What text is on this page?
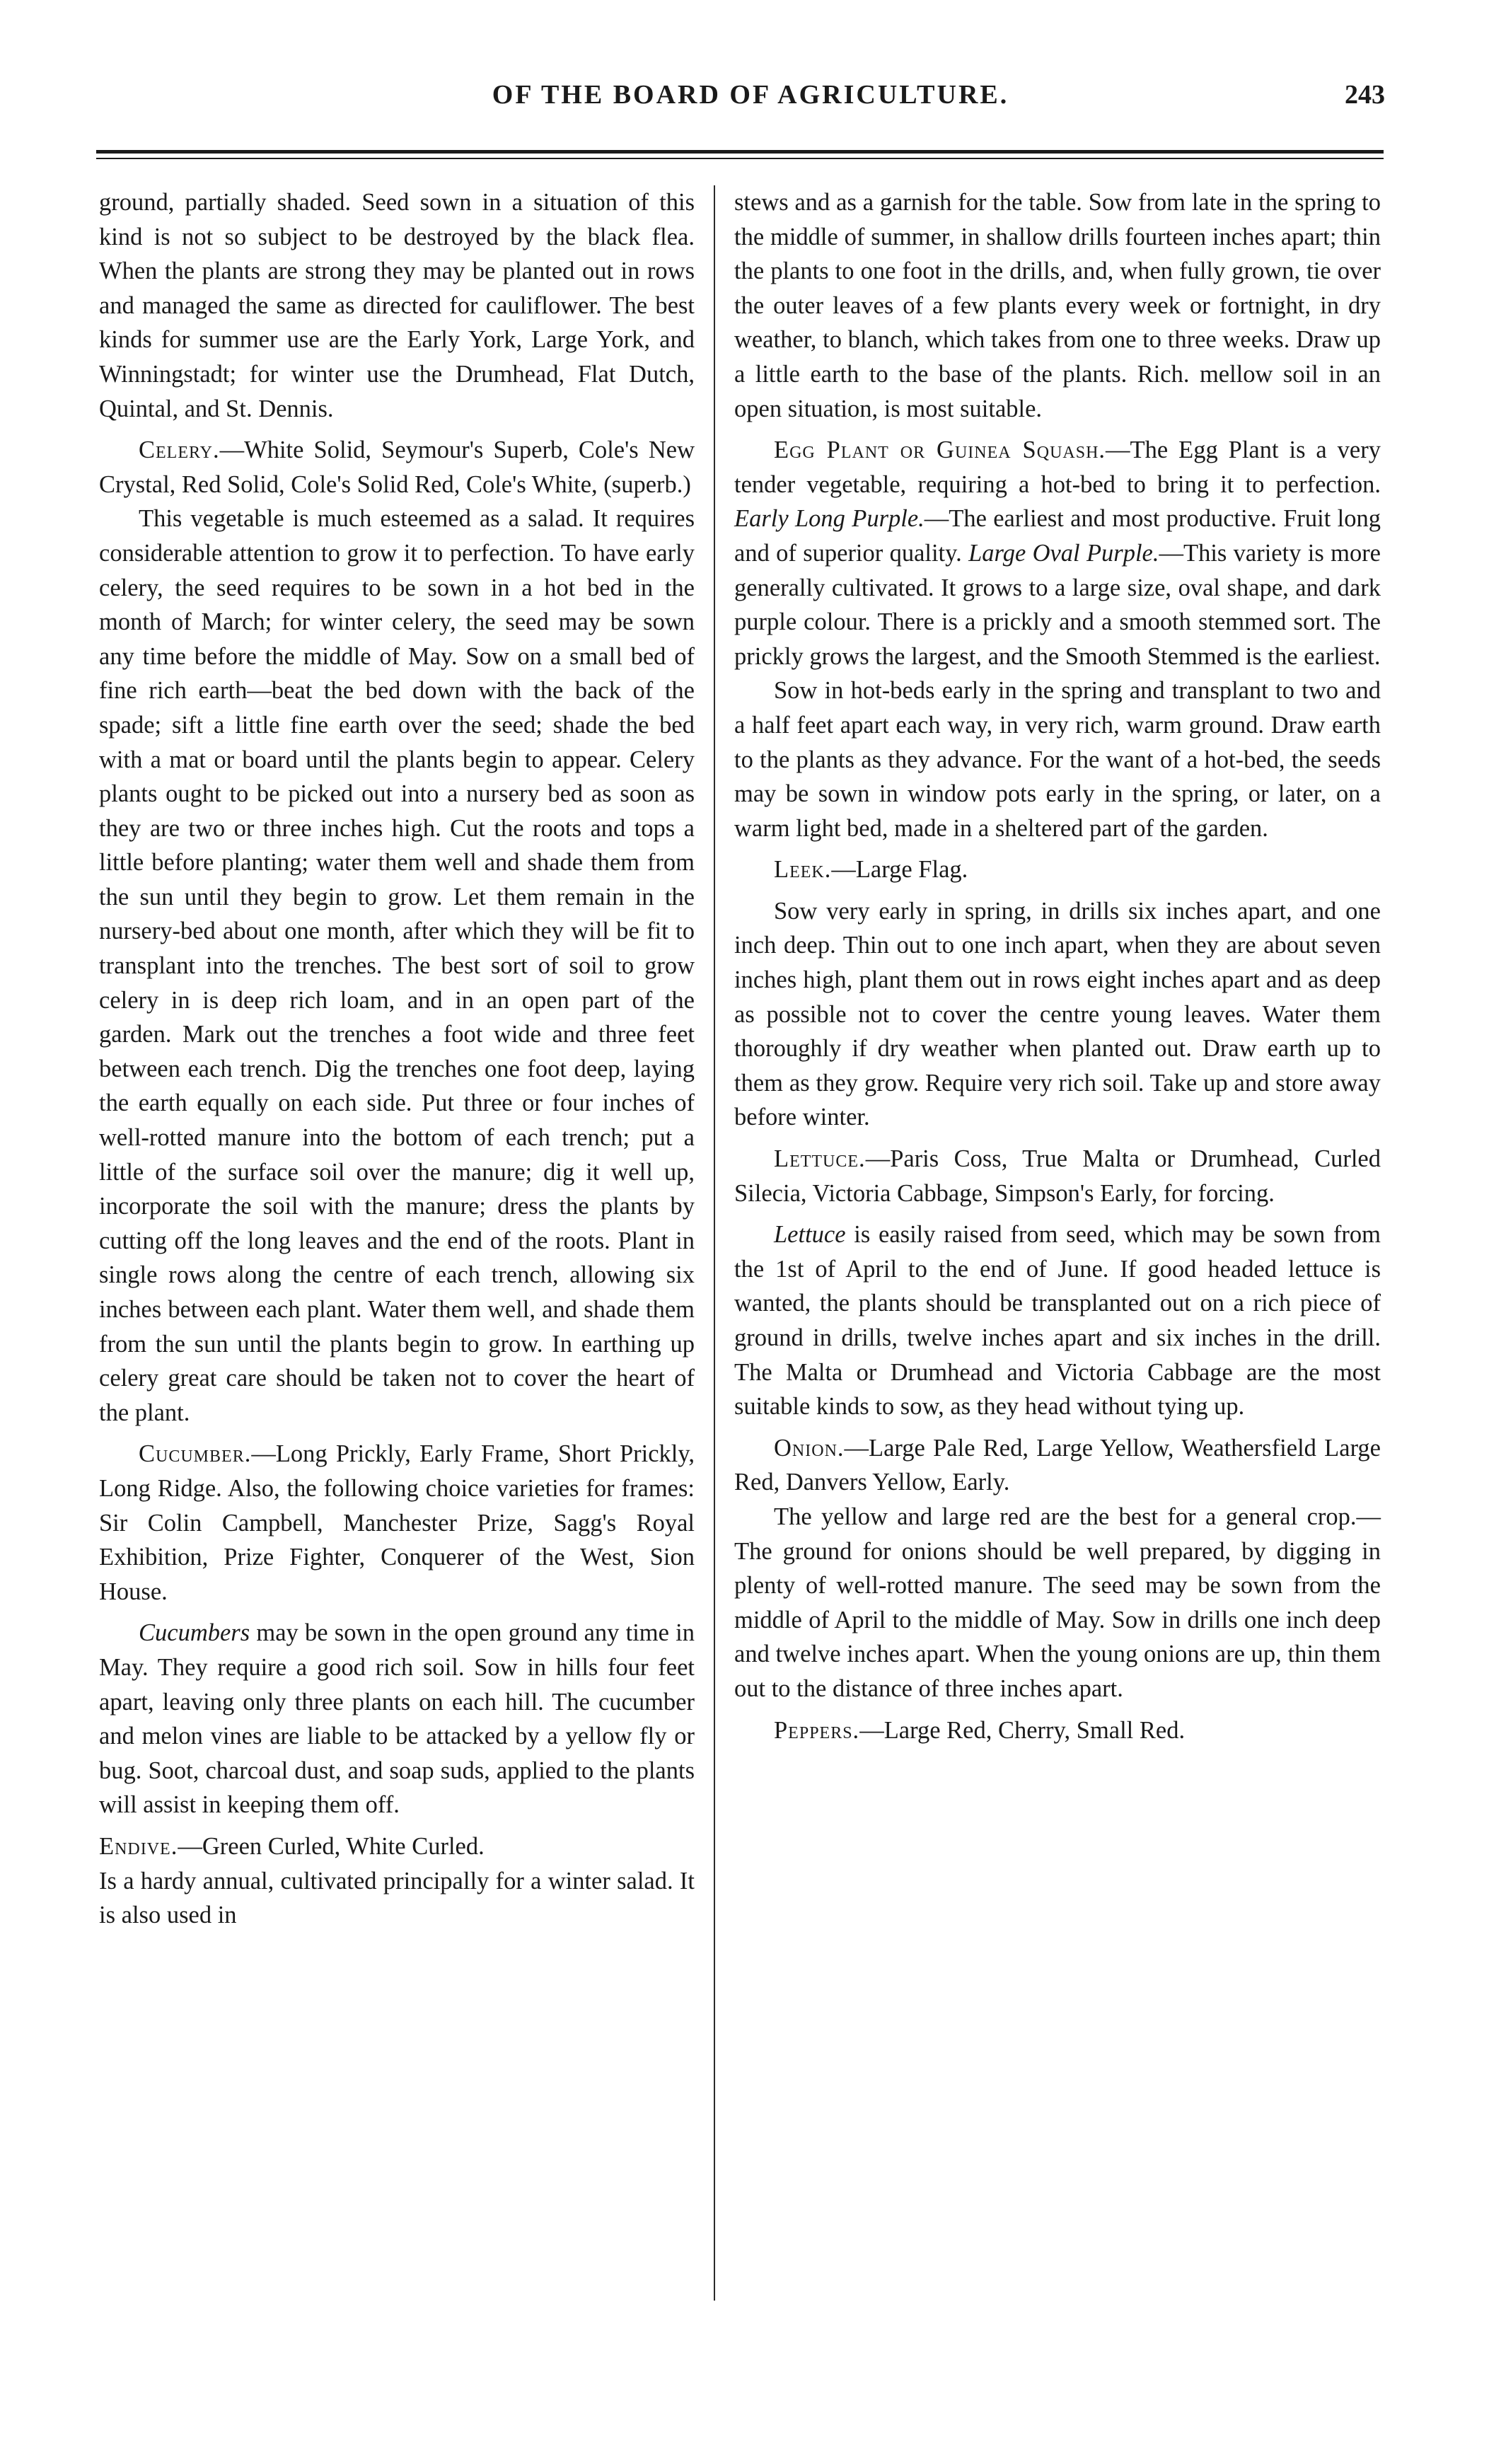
OF THE BOARD OF AGRICULTURE.	243

ground, partially shaded. Seed sown in a situation of this kind is not so subject to be destroyed by the black flea. When the plants are strong they may be planted out in rows and managed the same as directed for cauliflower. The best kinds for summer use are the Early York, Large York, and Winningstadt; for winter use the Drumhead, Flat Dutch, Quintal, and St. Dennis.

Celery.—White Solid, Seymour's Superb, Cole's New Crystal, Red Solid, Cole's Solid Red, Cole's White, (superb.)

This vegetable is much esteemed as a salad. It requires considerable attention to grow it to perfection. To have early celery, the seed requires to be sown in a hot bed in the month of March; for winter celery, the seed may be sown any time before the middle of May. Sow on a small bed of fine rich earth—beat the bed down with the back of the spade; sift a little fine earth over the seed; shade the bed with a mat or board until the plants begin to appear. Celery plants ought to be picked out into a nursery bed as soon as they are two or three inches high. Cut the roots and tops a little before planting; water them well and shade them from the sun until they begin to grow. Let them remain in the nursery-bed about one month, after which they will be fit to transplant into the trenches. The best sort of soil to grow celery in is deep rich loam, and in an open part of the garden. Mark out the trenches a foot wide and three feet between each trench. Dig the trenches one foot deep, laying the earth equally on each side. Put three or four inches of well-rotted manure into the bottom of each trench; put a little of the surface soil over the manure; dig it well up, incorporate the soil with the manure; dress the plants by cutting off the long leaves and the end of the roots. Plant in single rows along the centre of each trench, allowing six inches between each plant. Water them well, and shade them from the sun until the plants begin to grow. In earthing up celery great care should be taken not to cover the heart of the plant.

Cucumber.—Long Prickly, Early Frame, Short Prickly, Long Ridge. Also, the following choice varieties for frames: Sir Colin Campbell, Manchester Prize, Sagg's Royal Exhibition, Prize Fighter, Conquerer of the West, Sion House.

Cucumbers may be sown in the open ground any time in May. They require a good rich soil. Sow in hills four feet apart, leaving only three plants on each hill. The cucumber and melon vines are liable to be attacked by a yellow fly or bug. Soot, charcoal dust, and soap suds, applied to the plants will assist in keeping them off.

Endive.—Green Curled, White Curled.

Is a hardy annual, cultivated principally for a winter salad. It is also used in

stews and as a garnish for the table. Sow from late in the spring to the middle of summer, in shallow drills fourteen inches apart; thin the plants to one foot in the drills, and, when fully grown, tie over the outer leaves of a few plants every week or fortnight, in dry weather, to blanch, which takes from one to three weeks. Draw up a little earth to the base of the plants. Rich. mellow soil in an open situation, is most suitable.

Egg Plant or Guinea Squash.—The Egg Plant is a very tender vegetable, requiring a hot-bed to bring it to perfection. Early Long Purple.—The earliest and most productive. Fruit long and of superior quality. Large Oval Purple.—This variety is more generally cultivated. It grows to a large size, oval shape, and dark purple colour. There is a prickly and a smooth stemmed sort. The prickly grows the largest, and the Smooth Stemmed is the earliest.

Sow in hot-beds early in the spring and transplant to two and a half feet apart each way, in very rich, warm ground. Draw earth to the plants as they advance. For the want of a hot-bed, the seeds may be sown in window pots early in the spring, or later, on a warm light bed, made in a sheltered part of the garden.

Leek.—Large Flag.

Sow very early in spring, in drills six inches apart, and one inch deep. Thin out to one inch apart, when they are about seven inches high, plant them out in rows eight inches apart and as deep as possible not to cover the centre young leaves. Water them thoroughly if dry weather when planted out. Draw earth up to them as they grow. Require very rich soil. Take up and store away before winter.

Lettuce.—Paris Coss, True Malta or Drumhead, Curled Silecia, Victoria Cabbage, Simpson's Early, for forcing.

Lettuce is easily raised from seed, which may be sown from the 1st of April to the end of June. If good headed lettuce is wanted, the plants should be transplanted out on a rich piece of ground in drills, twelve inches apart and six inches in the drill. The Malta or Drumhead and Victoria Cabbage are the most suitable kinds to sow, as they head without tying up.

Onion.—Large Pale Red, Large Yellow, Weathersfield Large Red, Danvers Yellow, Early.

The yellow and large red are the best for a general crop.—The ground for onions should be well prepared, by digging in plenty of well-rotted manure. The seed may be sown from the middle of April to the middle of May. Sow in drills one inch deep and twelve inches apart. When the young onions are up, thin them out to the distance of three inches apart.

Peppers.—Large Red, Cherry, Small Red.
